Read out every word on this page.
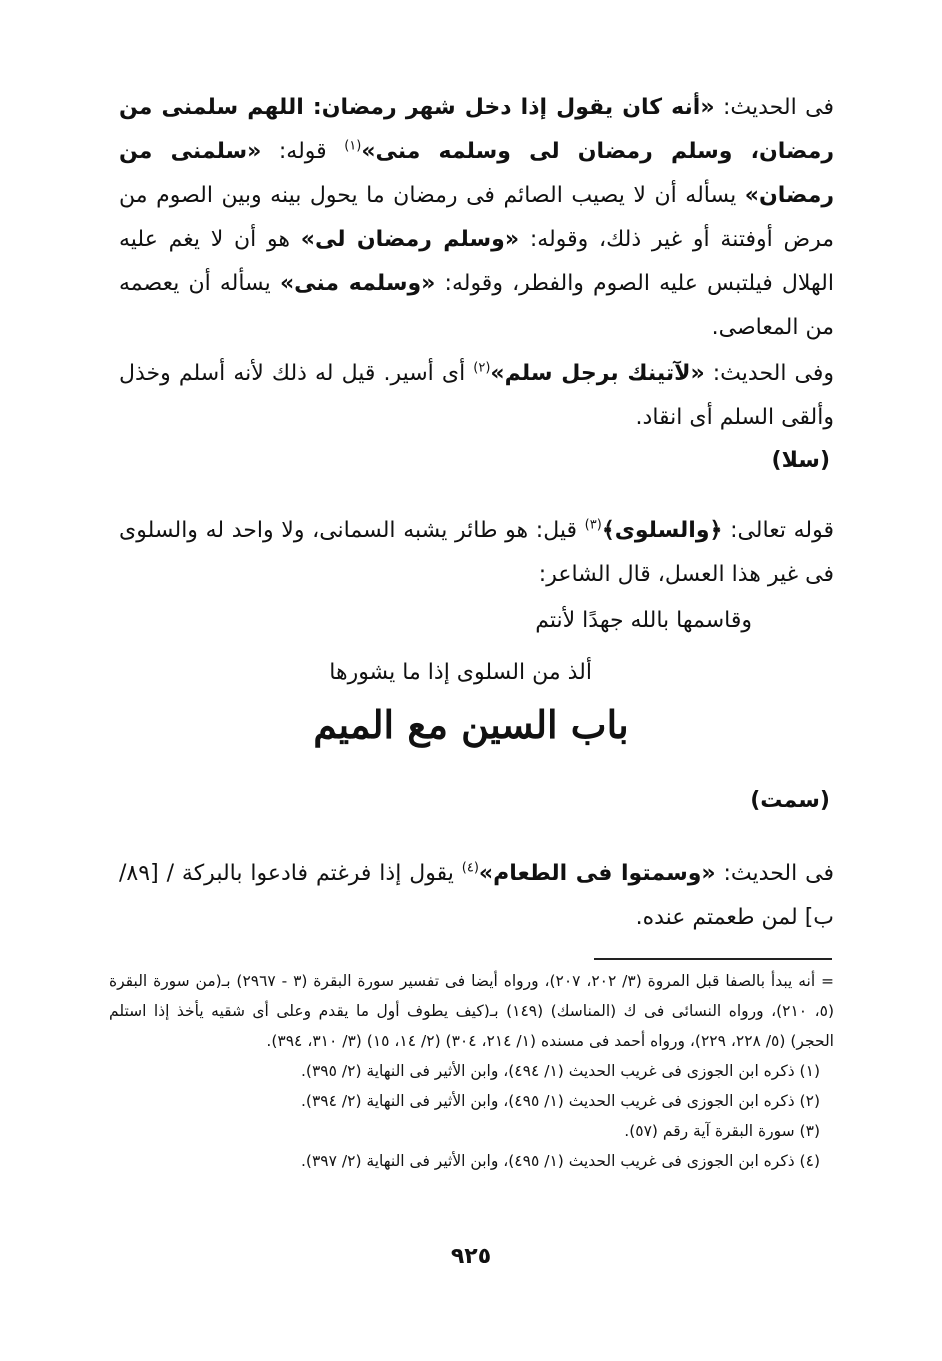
فى الحديث: «أنه كان يقول إذا دخل شهر رمضان: اللهم سلمنى من رمضان، وسلم رمضان لى وسلمه منى»$^{(١)}$ قوله: «سلمنى من رمضان» يسأله أن لا يصيب الصائم فى رمضان ما يحول بينه وبين الصوم من مرض أوفتنة أو غير ذلك، وقوله: «وسلم رمضان لى» هو أن لا يغم عليه الهلال فيلتبس عليه الصوم والفطر، وقوله: «وسلمه منى» يسأله أن يعصمه من المعاصى.

وفى الحديث: «لآتينك برجل سلم»$^{(٢)}$ أى أسير. قيل له ذلك لأنه أسلم وخذل وألقى السلم أى انقاد.

(سلا)

قوله تعالى: ﴿والسلوى﴾$^{(٣)}$ قيل: هو طائر يشبه السمانى، ولا واحد له والسلوى فى غير هذا العسل، قال الشاعر:

وقاسمها بالله جهدًا لأنتم
ألذ من السلوى إذا ما يشورها
باب السين مع الميم
(سمت)

فى الحديث: «وسمتوا فى الطعام»$^{(٤)}$ يقول إذا فرغتم فادعوا بالبركة / [٨٩/ب] لمن طعمتم عنده.

= أنه يبدأ بالصفا قبل المروة (٣/ ٢٠٢، ٢٠٧)، ورواه أيضا فى تفسير سورة البقرة (٣ - ٢٩٦٧) بـ(من سورة البقرة (٥، ٢١٠)، ورواه النسائى فى ك (المناسك) (١٤٩) بـ(كيف يطوف أول ما يقدم وعلى أى شقيه يأخذ إذا استلم الحجر) (٥/ ٢٢٨، ٢٢٩)، ورواه أحمد فى مسنده (١/ ٢١٤، ٣٠٤) (٢/ ١٤، ١٥) (٣/ ٣١٠، ٣٩٤).

(١) ذكره ابن الجوزى فى غريب الحديث (١/ ٤٩٤)، وابن الأثير فى النهاية (٢/ ٣٩٥).

(٢) ذكره ابن الجوزى فى غريب الحديث (١/ ٤٩٥)، وابن الأثير فى النهاية (٢/ ٣٩٤).

(٣) سورة البقرة آية رقم (٥٧).

(٤) ذكره ابن الجوزى فى غريب الحديث (١/ ٤٩٥)، وابن الأثير فى النهاية (٢/ ٣٩٧).

٩٢٥
